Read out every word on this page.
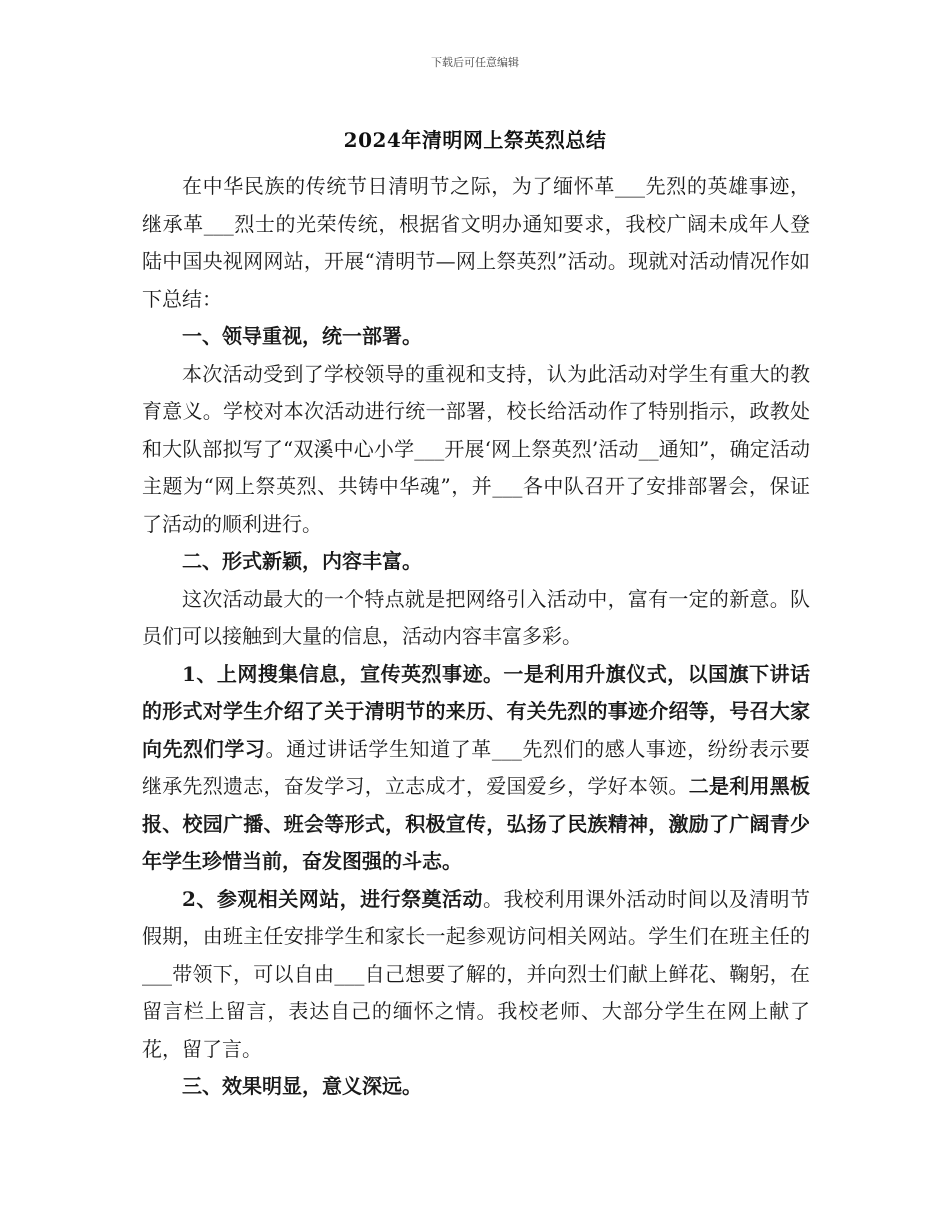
下载后可任意编辑
2024年清明网上祭英烈总结

在中华民族的传统节日清明节之际，为了缅怀革___先烈的英雄事迹，继承革___烈士的光荣传统，根据省文明办通知要求，我校广阔未成年人登陆中国央视网网站，开展“清明节—网上祭英烈”活动。现就对活动情况作如下总结：

一、领导重视，统一部署。

本次活动受到了学校领导的重视和支持，认为此活动对学生有重大的教育意义。学校对本次活动进行统一部署，校长给活动作了特别指示，政教处和大队部拟写了“双溪中心小学___开展‘网上祭英烈’活动__通知”，确定活动主题为“网上祭英烈、共铸中华魂”，并___各中队召开了安排部署会，保证了活动的顺利进行。

二、形式新颖，内容丰富。

这次活动最大的一个特点就是把网络引入活动中，富有一定的新意。队员们可以接触到大量的信息，活动内容丰富多彩。

1、上网搜集信息，宣传英烈事迹。一是利用升旗仪式，以国旗下讲话的形式对学生介绍了关于清明节的来历、有关先烈的事迹介绍等，号召大家向先烈们学习。通过讲话学生知道了革___先烈们的感人事迹，纷纷表示要继承先烈遗志，奋发学习，立志成才，爱国爱乡，学好本领。二是利用黑板报、校园广播、班会等形式，积极宣传，弘扬了民族精神，激励了广阔青少年学生珍惜当前，奋发图强的斗志。

2、参观相关网站，进行祭奠活动。我校利用课外活动时间以及清明节假期，由班主任安排学生和家长一起参观访问相关网站。学生们在班主任的___带领下，可以自由___自己想要了解的，并向烈士们献上鲜花、鞠躬，在留言栏上留言，表达自己的缅怀之情。我校老师、大部分学生在网上献了花，留了言。

三、效果明显，意义深远。
